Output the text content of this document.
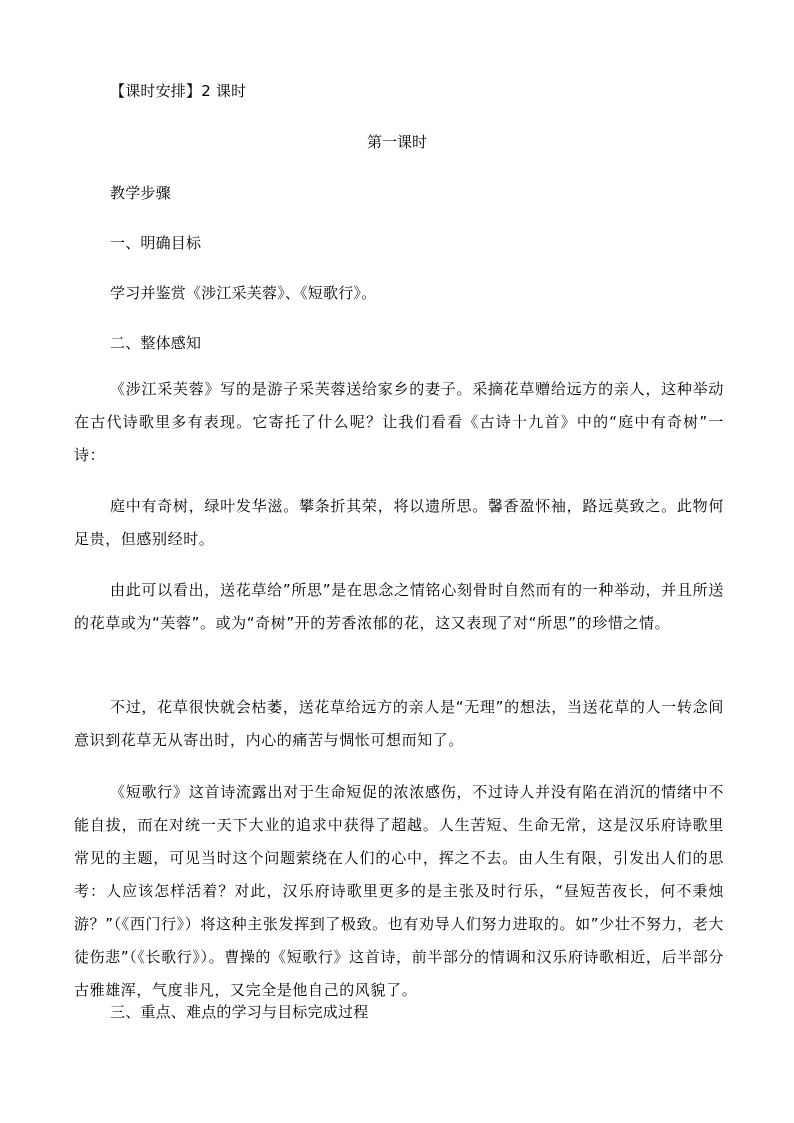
【课时安排】2 课时
第一课时
教学步骤
一、明确目标
学习并鉴赏《涉江采芙蓉》、《短歌行》。
二、整体感知
《涉江采芙蓉》写的是游子采芙蓉送给家乡的妻子。采摘花草赠给远方的亲人，这种举动在古代诗歌里多有表现。它寄托了什么呢？让我们看看《古诗十九首》中的“庭中有奇树”一诗：
庭中有奇树，绿叶发华滋。攀条折其荣，将以遗所思。馨香盈怀袖，路远莫致之。此物何足贵，但感别经时。
由此可以看出，送花草给”所思”是在思念之情铭心刻骨时自然而有的一种举动，并且所送的花草或为“芙蓉”。或为“奇树”开的芳香浓郁的花，这又表现了对“所思”的珍惜之情。
不过，花草很快就会枯萎，送花草给远方的亲人是“无理”的想法，当送花草的人一转念间意识到花草无从寄出时，内心的痛苦与惆怅可想而知了。
《短歌行》这首诗流露出对于生命短促的浓浓感伤，不过诗人并没有陷在消沉的情绪中不能自拔，而在对统一天下大业的追求中获得了超越。人生苦短、生命无常，这是汉乐府诗歌里常见的主题，可见当时这个问题萦绕在人们的心中，挥之不去。由人生有限，引发出人们的思考：人应该怎样活着？对此，汉乐府诗歌里更多的是主张及时行乐，“昼短苦夜长，何不秉烛游？”（《西门行》）将这种主张发挥到了极致。也有劝导人们努力进取的。如”少壮不努力，老大徒伤悲”（《长歌行》）。曹操的《短歌行》这首诗，前半部分的情调和汉乐府诗歌相近，后半部分古雅雄浑，气度非凡，又完全是他自己的风貌了。
三、重点、难点的学习与目标完成过程
